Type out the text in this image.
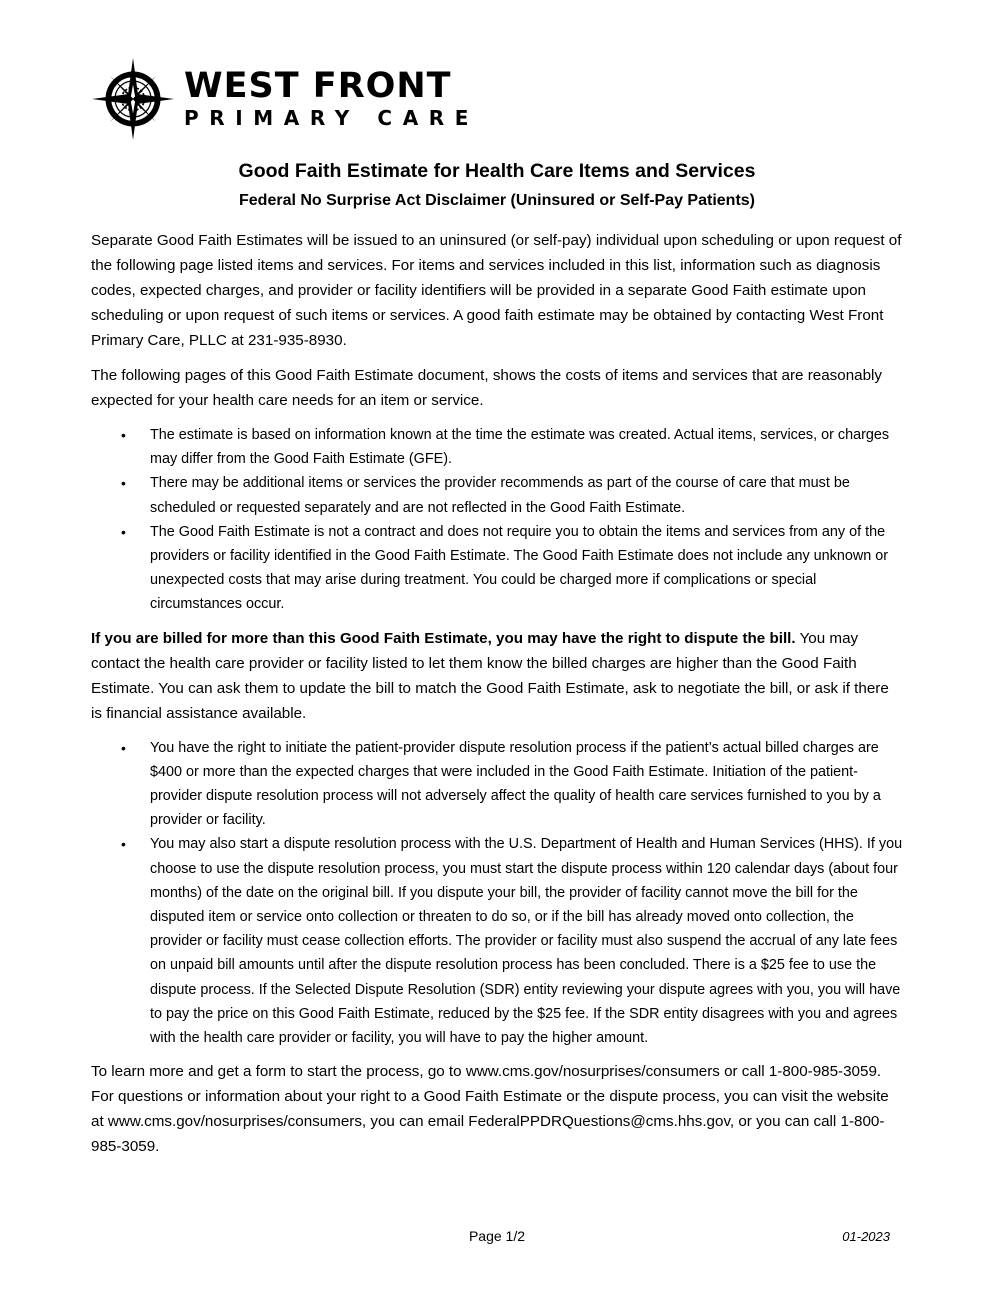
WEST FRONT
PRIMARY CARE
Good Faith Estimate for Health Care Items and Services
Federal No Surprise Act Disclaimer (Uninsured or Self-Pay Patients)

Separate Good Faith Estimates will be issued to an uninsured (or self-pay) individual upon scheduling or upon request of the following page listed items and services. For items and services included in this list, information such as diagnosis codes, expected charges, and provider or facility identifiers will be provided in a separate Good Faith estimate upon scheduling or upon request of such items or services. A good faith estimate may be obtained by contacting West Front Primary Care, PLLC at 231-935-8930.

The following pages of this Good Faith Estimate document, shows the costs of items and services that are reasonably expected for your health care needs for an item or service.

• The estimate is based on information known at the time the estimate was created. Actual items, services, or charges may differ from the Good Faith Estimate (GFE).
• There may be additional items or services the provider recommends as part of the course of care that must be scheduled or requested separately and are not reflected in the Good Faith Estimate.
• The Good Faith Estimate is not a contract and does not require you to obtain the items and services from any of the providers or facility identified in the Good Faith Estimate. The Good Faith Estimate does not include any unknown or unexpected costs that may arise during treatment. You could be charged more if complications or special circumstances occur.

If you are billed for more than this Good Faith Estimate, you may have the right to dispute the bill. You may contact the health care provider or facility listed to let them know the billed charges are higher than the Good Faith Estimate. You can ask them to update the bill to match the Good Faith Estimate, ask to negotiate the bill, or ask if there is financial assistance available.

• You have the right to initiate the patient-provider dispute resolution process if the patient’s actual billed charges are $400 or more than the expected charges that were included in the Good Faith Estimate. Initiation of the patient-provider dispute resolution process will not adversely affect the quality of health care services furnished to you by a provider or facility.
• You may also start a dispute resolution process with the U.S. Department of Health and Human Services (HHS). If you choose to use the dispute resolution process, you must start the dispute process within 120 calendar days (about four months) of the date on the original bill. If you dispute your bill, the provider of facility cannot move the bill for the disputed item or service onto collection or threaten to do so, or if the bill has already moved onto collection, the provider or facility must cease collection efforts. The provider or facility must also suspend the accrual of any late fees on unpaid bill amounts until after the dispute resolution process has been concluded. There is a $25 fee to use the dispute process. If the Selected Dispute Resolution (SDR) entity reviewing your dispute agrees with you, you will have to pay the price on this Good Faith Estimate, reduced by the $25 fee. If the SDR entity disagrees with you and agrees with the health care provider or facility, you will have to pay the higher amount.

To learn more and get a form to start the process, go to www.cms.gov/nosurprises/consumers or call 1-800-985-3059. For questions or information about your right to a Good Faith Estimate or the dispute process, you can visit the website at www.cms.gov/nosurprises/consumers, you can email FederalPPDRQuestions@cms.hhs.gov, or you can call 1-800-985-3059.

Page 1/2	01-2023
